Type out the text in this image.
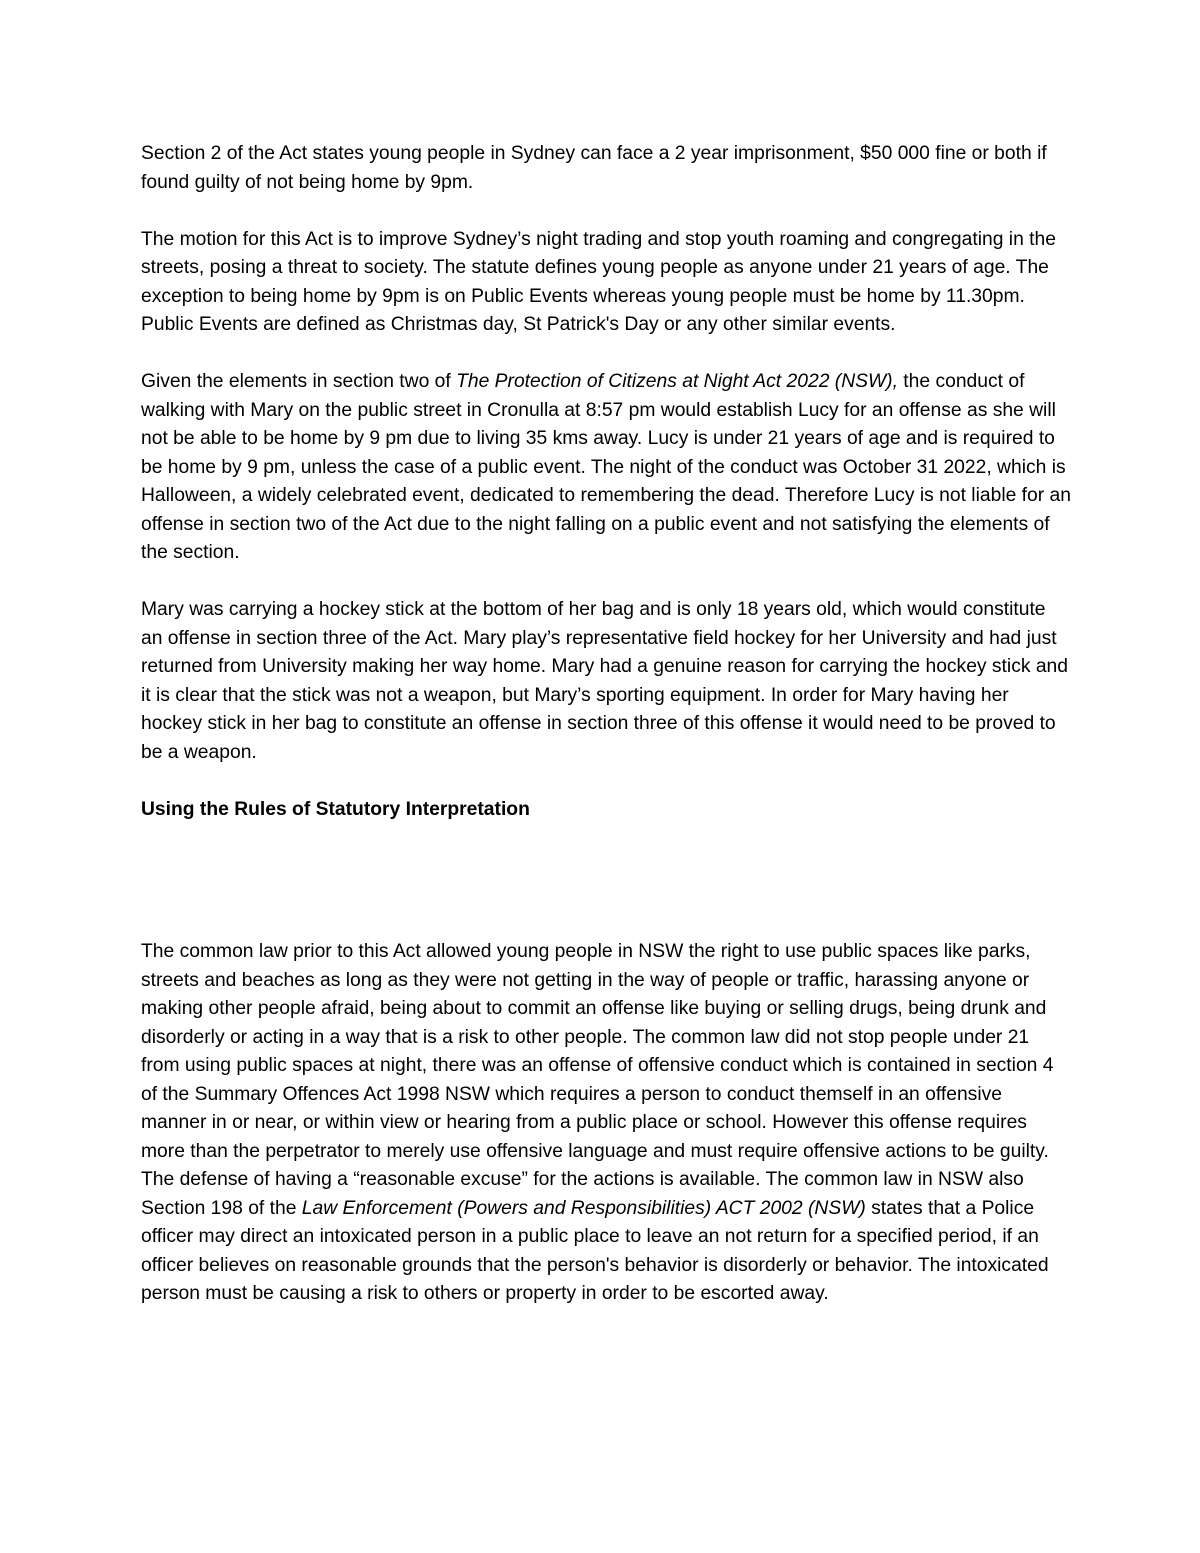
Section 2 of the Act states young people in Sydney can face a 2 year imprisonment, $50 000 fine or both if found guilty of not being home by 9pm.

The motion for this Act is to improve Sydney’s night trading and stop youth roaming and congregating in the streets, posing a threat to society. The statute defines young people as anyone under 21 years of age. The exception to being home by 9pm is on Public Events whereas young people must be home by 11.30pm. Public Events are defined as Christmas day, St Patrick's Day or any other similar events.

Given the elements in section two of The Protection of Citizens at Night Act 2022 (NSW), the conduct of walking with Mary on the public street in Cronulla at 8:57 pm would establish Lucy for an offense as she will not be able to be home by 9 pm due to living 35 kms away. Lucy is under 21 years of age and is required to be home by 9 pm, unless the case of a public event. The night of the conduct was October 31 2022, which is Halloween, a widely celebrated event, dedicated to remembering the dead. Therefore Lucy is not liable for an offense in section two of the Act due to the night falling on a public event and not satisfying the elements of the section.

Mary was carrying a hockey stick at the bottom of her bag and is only 18 years old, which would constitute an offense in section three of the Act. Mary play’s representative field hockey for her University and had just returned from University making her way home. Mary had a genuine reason for carrying the hockey stick and it is clear that the stick was not a weapon, but Mary’s sporting equipment. In order for Mary having her hockey stick in her bag to constitute an offense in section three of this offense it would need to be proved to be a weapon.

Using the Rules of Statutory Interpretation

The common law prior to this Act allowed young people in NSW the right to use public spaces like parks, streets and beaches as long as they were not getting in the way of people or traffic, harassing anyone or making other people afraid, being about to commit an offense like buying or selling drugs, being drunk and disorderly or acting in a way that is a risk to other people. The common law did not stop people under 21 from using public spaces at night, there was an offense of offensive conduct which is contained in section 4 of the Summary Offences Act 1998 NSW which requires a person to conduct themself in an offensive manner in or near, or within view or hearing from a public place or school. However this offense requires more than the perpetrator to merely use offensive language and must require offensive actions to be guilty. The defense of having a “reasonable excuse” for the actions is available. The common law in NSW also Section 198 of the Law Enforcement (Powers and Responsibilities) ACT 2002 (NSW) states that a Police officer may direct an intoxicated person in a public place to leave an not return for a specified period, if an officer believes on reasonable grounds that the person's behavior is disorderly or behavior. The intoxicated person must be causing a risk to others or property in order to be escorted away.
